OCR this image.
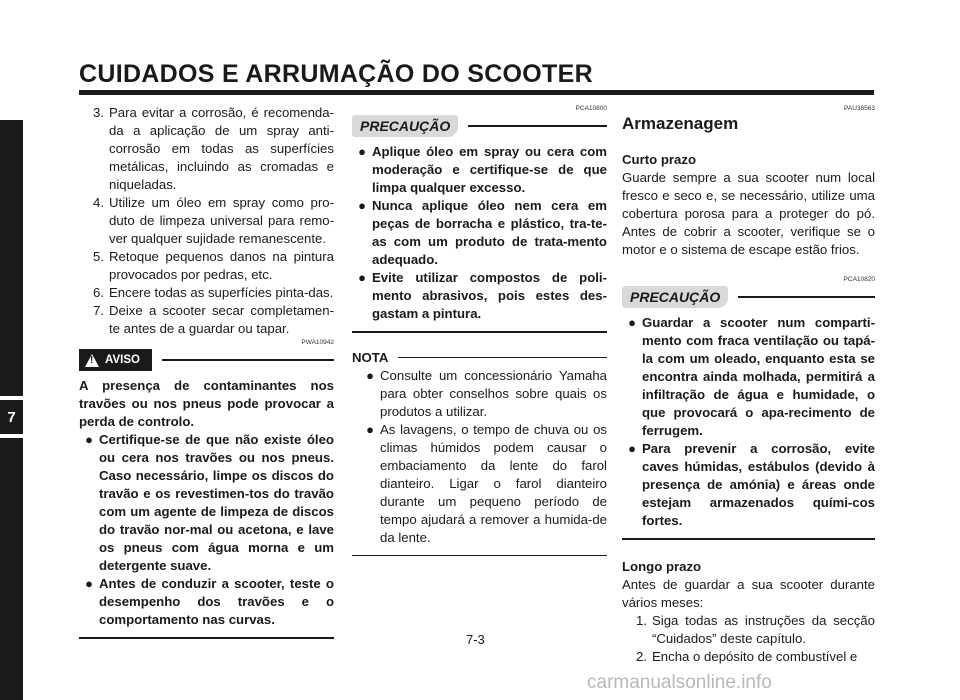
CUIDADOS E ARRUMAÇÃO DO SCOOTER
7
3. Para evitar a corrosão, é recomenda-da a aplicação de um spray anti-corrosão em todas as superfícies metálicas, incluindo as cromadas e niqueladas.
4. Utilize um óleo em spray como pro-duto de limpeza universal para remo-ver qualquer sujidade remanescente.
5. Retoque pequenos danos na pintura provocados por pedras, etc.
6. Encere todas as superfícies pinta-das.
7. Deixe a scooter secar completamen-te antes de a guardar ou tapar.
PWA10942
! AVISO

A presença de contaminantes nos travões ou nos pneus pode provocar a perda de controlo.

● Certifique-se de que não existe óleo ou cera nos travões ou nos pneus. Caso necessário, limpe os discos do travão e os revestimen-tos do travão com um agente de limpeza de discos do travão nor-mal ou acetona, e lave os pneus com água morna e um detergente suave.
● Antes de conduzir a scooter, teste o desempenho dos travões e o comportamento nas curvas.
PCA10800
PRECAUÇÃO
● Aplique óleo em spray ou cera com moderação e certifique-se de que limpa qualquer excesso.
● Nunca aplique óleo nem cera em peças de borracha e plástico, tra-te-as com um produto de trata-mento adequado.
● Evite utilizar compostos de poli-mento abrasivos, pois estes des-gastam a pintura.
NOTA
● Consulte um concessionário Yamaha para obter conselhos sobre quais os produtos a utilizar.
● As lavagens, o tempo de chuva ou os climas húmidos podem causar o embaciamento da lente do farol dianteiro. Ligar o farol dianteiro durante um pequeno período de tempo ajudará a remover a humida-de da lente.
PAU36563
Armazenagem
Curto prazo

Guarde sempre a sua scooter num local fresco e seco e, se necessário, utilize uma cobertura porosa para a proteger do pó. Antes de cobrir a scooter, verifique se o motor e o sistema de escape estão frios.

PCA10820
PRECAUÇÃO
● Guardar a scooter num comparti-mento com fraca ventilação ou tapá-la com um oleado, enquanto esta se encontra ainda molhada, permitirá a infiltração de água e humidade, o que provocará o apa-recimento de ferrugem.
● Para prevenir a corrosão, evite caves húmidas, estábulos (devido à presença de amónia) e áreas onde estejam armazenados quími-cos fortes.
Longo prazo

Antes de guardar a sua scooter durante vários meses:

1. Siga todas as instruções da secção “Cuidados” deste capítulo.
2. Encha o depósito de combustível e
7-3
carmanualsonline.info
